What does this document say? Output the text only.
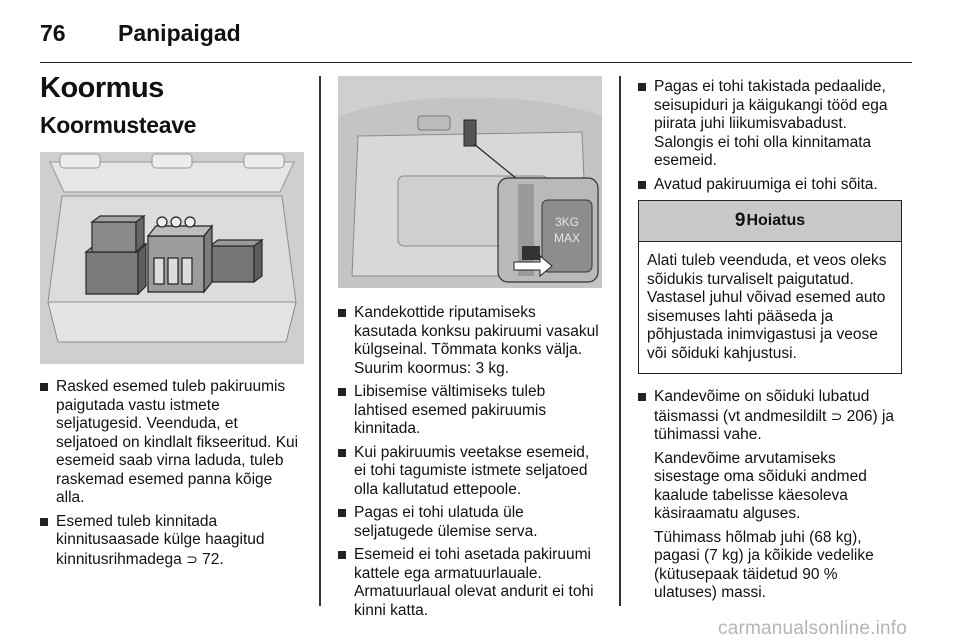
76 Panipaigad
Koormus
Koormusteave
Rasked esemed tuleb pakiruumis paigutada vastu istmete seljatugesid. Veenduda, et seljatoed on kindlalt fikseeritud. Kui esemeid saab virna laduda, tuleb raskemad esemed panna kõige alla.
Esemed tuleb kinnitada kinnitusaasade külge haagitud kinnitusrihmadega ⊃ 72.
3KG
MAX
Kandekottide riputamiseks kasutada konksu pakiruumi vasakul külgseinal. Tõmmata konks välja. Suurim koormus: 3 kg.
Libisemise vältimiseks tuleb lahtised esemed pakiruumis kinnitada.
Kui pakiruumis veetakse esemeid, ei tohi tagumiste istmete seljatoed olla kallutatud ettepoole.
Pagas ei tohi ulatuda üle seljatugede ülemise serva.
Esemeid ei tohi asetada pakiruumi kattele ega armatuurlauale. Armatuurlaual olevat andurit ei tohi kinni katta.
Pagas ei tohi takistada pedaalide, seisupiduri ja käigukangi tööd ega piirata juhi liikumisvabadust. Salongis ei tohi olla kinnitamata esemeid.
Avatud pakiruumiga ei tohi sõita.
9 Hoiatus
Alati tuleb veenduda, et veos oleks sõidukis turvaliselt paigutatud. Vastasel juhul võivad esemed auto sisemuses lahti pääseda ja põhjustada inimvigastusi ja veose või sõiduki kahjustusi.

Kandevõime on sõiduki lubatud täismassi (vt andmesildilt ⊃ 206) ja tühimassi vahe.

Kandevõime arvutamiseks sisestage oma sõiduki andmed kaalude tabelisse käesoleva käsiraamatu alguses.

Tühimass hõlmab juhi (68 kg), pagasi (7 kg) ja kõikide vedelike (kütusepaak täidetud 90 % ulatuses) massi.

carmanualsonline.info
